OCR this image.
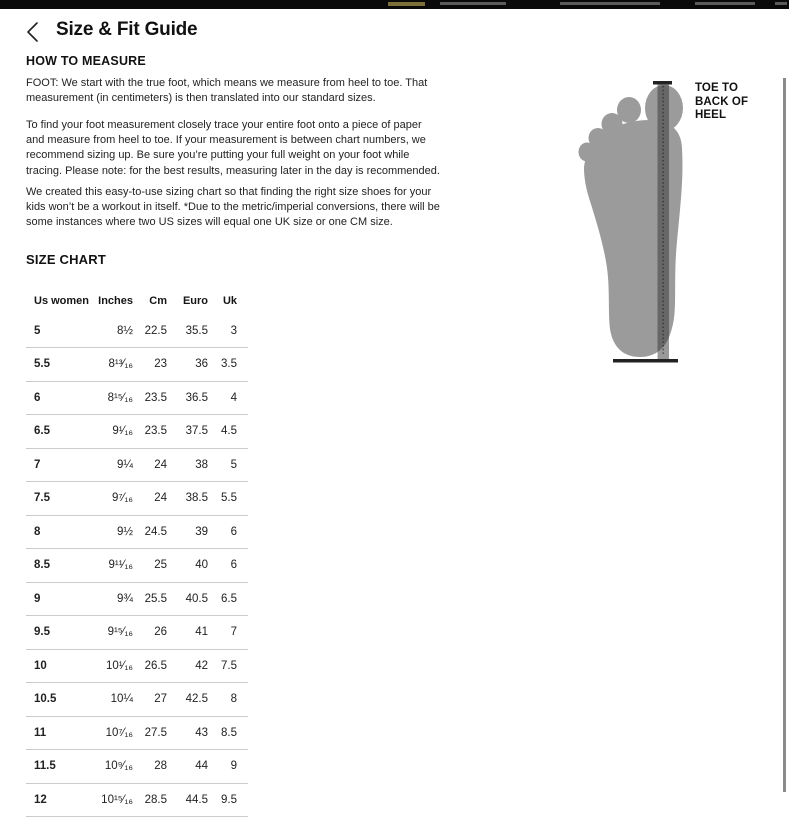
Size & Fit Guide
HOW TO MEASURE

FOOT: We start with the true foot, which means we measure from heel to toe. That measurement (in centimeters) is then translated into our standard sizes.

To find your foot measurement closely trace your entire foot onto a piece of paper and measure from heel to toe. If your measurement is between chart numbers, we recommend sizing up. Be sure you’re putting your full weight on your foot while tracing. Please note: for the best results, measuring later in the day is recommended.

We created this easy-to-use sizing chart so that finding the right size shoes for your kids won’t be a workout in itself. *Due to the metric/imperial conversions, there will be some instances where two US sizes will equal one UK size or one CM size.

TOE TO
BACK OF
HEEL
SIZE CHART
Us women	Inches	Cm	Euro	Uk
5	8½	22.5	35.5	3
5.5	8¹³⁄₁₆	23	36	3.5
6	8¹⁵⁄₁₆	23.5	36.5	4
6.5	9¹⁄₁₆	23.5	37.5	4.5
7	9¼	24	38	5
7.5	9⁷⁄₁₆	24	38.5	5.5
8	9½	24.5	39	6
8.5	9¹¹⁄₁₆	25	40	6
9	9¾	25.5	40.5	6.5
9.5	9¹⁵⁄₁₆	26	41	7
10	10¹⁄₁₆	26.5	42	7.5
10.5	10¼	27	42.5	8
11	10⁷⁄₁₆	27.5	43	8.5
11.5	10⁹⁄₁₆	28	44	9
12	10¹⁵⁄₁₆	28.5	44.5	9.5
